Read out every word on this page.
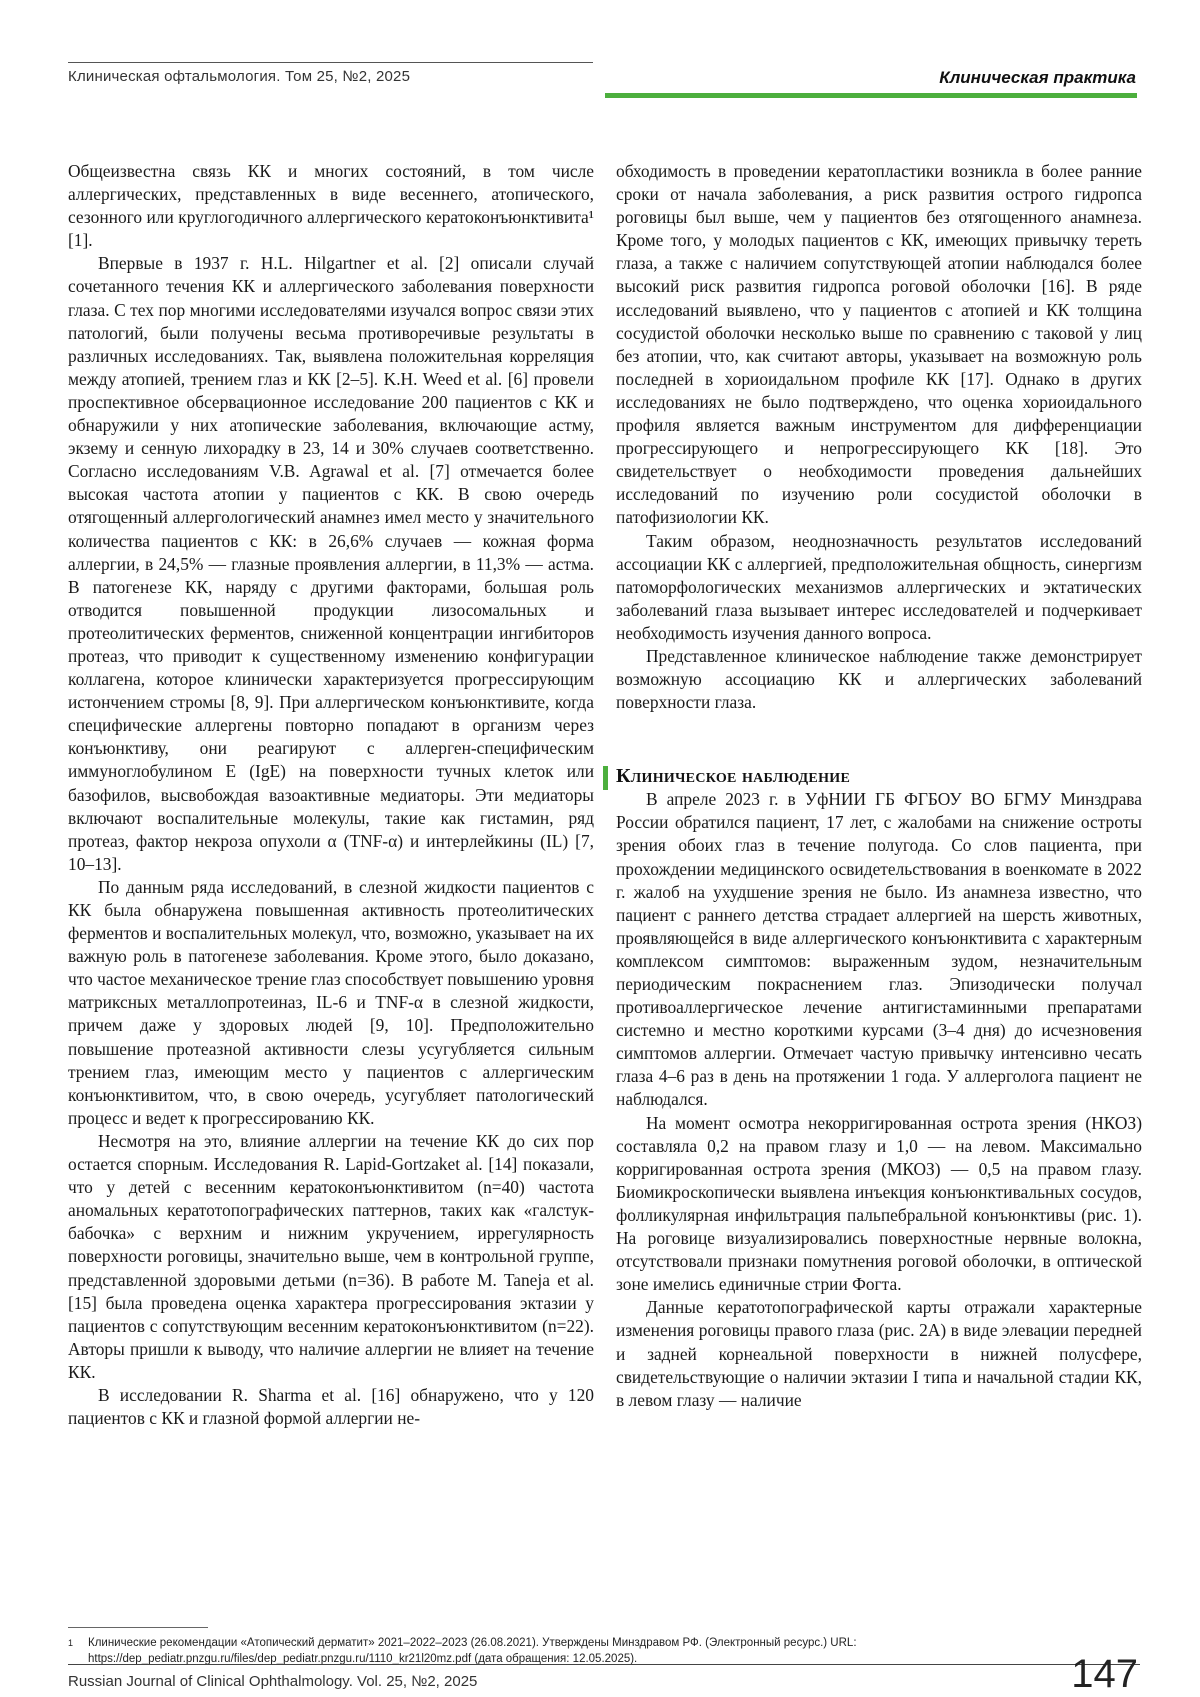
Клиническая офтальмология. Том 25, №2, 2025	Клиническая практика

Общеизвестна связь КК и многих состояний, в том числе аллергических, представленных в виде весеннего, атопического, сезонного или круглогодичного аллергического кератоконъюнктивита¹ [1].

Впервые в 1937 г. H.L. Hilgartner et al. [2] описали случай сочетанного течения КК и аллергического заболевания поверхности глаза. С тех пор многими исследователями изучался вопрос связи этих патологий, были получены весьма противоречивые результаты в различных исследованиях. Так, выявлена положительная корреляция между атопией, трением глаз и КК [2–5]. K.H. Weed et al. [6] провели проспективное обсервационное исследование 200 пациентов с КК и обнаружили у них атопические заболевания, включающие астму, экзему и сенную лихорадку в 23, 14 и 30% случаев соответственно. Согласно исследованиям V.B. Agrawal et al. [7] отмечается более высокая частота атопии у пациентов с КК. В свою очередь отягощенный аллергологический анамнез имел место у значительного количества пациентов с КК: в 26,6% случаев — кожная форма аллергии, в 24,5% — глазные проявления аллергии, в 11,3% — астма. В патогенезе КК, наряду с другими факторами, большая роль отводится повышенной продукции лизосомальных и протеолитических ферментов, сниженной концентрации ингибиторов протеаз, что приводит к существенному изменению конфигурации коллагена, которое клинически характеризуется прогрессирующим истончением стромы [8, 9]. При аллергическом конъюнктивите, когда специфические аллергены повторно попадают в организм через конъюнктиву, они реагируют с аллерген-специфическим иммуноглобулином Е (IgE) на поверхности тучных клеток или базофилов, высвобождая вазоактивные медиаторы. Эти медиаторы включают воспалительные молекулы, такие как гистамин, ряд протеаз, фактор некроза опухоли α (TNF-α) и интерлейкины (IL) [7, 10–13].

По данным ряда исследований, в слезной жидкости пациентов с КК была обнаружена повышенная активность протеолитических ферментов и воспалительных молекул, что, возможно, указывает на их важную роль в патогенезе заболевания. Кроме этого, было доказано, что частое механическое трение глаз способствует повышению уровня матриксных металлопротеиназ, IL-6 и TNF-α в слезной жидкости, причем даже у здоровых людей [9, 10]. Предположительно повышение протеазной активности слезы усугубляется сильным трением глаз, имеющим место у пациентов с аллергическим конъюнктивитом, что, в свою очередь, усугубляет патологический процесс и ведет к прогрессированию КК.

Несмотря на это, влияние аллергии на течение КК до сих пор остается спорным. Исследования R. Lapid-Gortzaket al. [14] показали, что у детей с весенним кератоконъюнктивитом (n=40) частота аномальных кератотопографических паттернов, таких как «галстук-бабочка» с верхним и нижним укручением, иррегулярность поверхности роговицы, значительно выше, чем в контрольной группе, представленной здоровыми детьми (n=36). В работе M. Taneja et al. [15] была проведена оценка характера прогрессирования эктазии у пациентов с сопутствующим весенним кератоконъюнктивитом (n=22). Авторы пришли к выводу, что наличие аллергии не влияет на течение КК.

В исследовании R. Sharma et al. [16] обнаружено, что у 120 пациентов с КК и глазной формой аллергии не-

обходимость в проведении кератопластики возникла в более ранние сроки от начала заболевания, а риск развития острого гидропса роговицы был выше, чем у пациентов без отягощенного анамнеза. Кроме того, у молодых пациентов с КК, имеющих привычку тереть глаза, а также с наличием сопутствующей атопии наблюдался более высокий риск развития гидропса роговой оболочки [16]. В ряде исследований выявлено, что у пациентов с атопией и КК толщина сосудистой оболочки несколько выше по сравнению с таковой у лиц без атопии, что, как считают авторы, указывает на возможную роль последней в хориоидальном профиле КК [17]. Однако в других исследованиях не было подтверждено, что оценка хориоидального профиля является важным инструментом для дифференциации прогрессирующего и непрогрессирующего КК [18]. Это свидетельствует о необходимости проведения дальнейших исследований по изучению роли сосудистой оболочки в патофизиологии КК.

Таким образом, неоднозначность результатов исследований ассоциации КК с аллергией, предположительная общность, синергизм патоморфологических механизмов аллергических и эктатических заболеваний глаза вызывает интерес исследователей и подчеркивает необходимость изучения данного вопроса.

Представленное клиническое наблюдение также демонстрирует возможную ассоциацию КК и аллергических заболеваний поверхности глаза.

Клиническое наблюдение

В апреле 2023 г. в УфНИИ ГБ ФГБОУ ВО БГМУ Минздрава России обратился пациент, 17 лет, с жалобами на снижение остроты зрения обоих глаз в течение полугода. Со слов пациента, при прохождении медицинского освидетельствования в военкомате в 2022 г. жалоб на ухудшение зрения не было. Из анамнеза известно, что пациент с раннего детства страдает аллергией на шерсть животных, проявляющейся в виде аллергического конъюнктивита с характерным комплексом симптомов: выраженным зудом, незначительным периодическим покраснением глаз. Эпизодически получал противоаллергическое лечение антигистаминными препаратами системно и местно короткими курсами (3–4 дня) до исчезновения симптомов аллергии. Отмечает частую привычку интенсивно чесать глаза 4–6 раз в день на протяжении 1 года. У аллерголога пациент не наблюдался.

На момент осмотра некорригированная острота зрения (НКОЗ) составляла 0,2 на правом глазу и 1,0 — на левом. Максимально корригированная острота зрения (МКОЗ) — 0,5 на правом глазу. Биомикроскопически выявлена инъекция конъюнктивальных сосудов, фолликулярная инфильтрация пальпебральной конъюнктивы (рис. 1). На роговице визуализировались поверхностные нервные волокна, отсутствовали признаки помутнения роговой оболочки, в оптической зоне имелись единичные стрии Фогта.

Данные кератотопографической карты отражали характерные изменения роговицы правого глаза (рис. 2А) в виде элевации передней и задней корнеальной поверхности в нижней полусфере, свидетельствующие о наличии эктазии I типа и начальной стадии КК, в левом глазу — наличие

1	Клинические рекомендации «Атопический дерматит» 2021–2022–2023 (26.08.2021). Утверждены Минздравом РФ. (Электронный ресурс.) URL: https://dep_pediatr.pnzgu.ru/files/dep_pediatr.pnzgu.ru/1110_kr21l20mz.pdf (дата обращения: 12.05.2025).
Russian Journal of Clinical Ophthalmology. Vol. 25, №2, 2025	147
